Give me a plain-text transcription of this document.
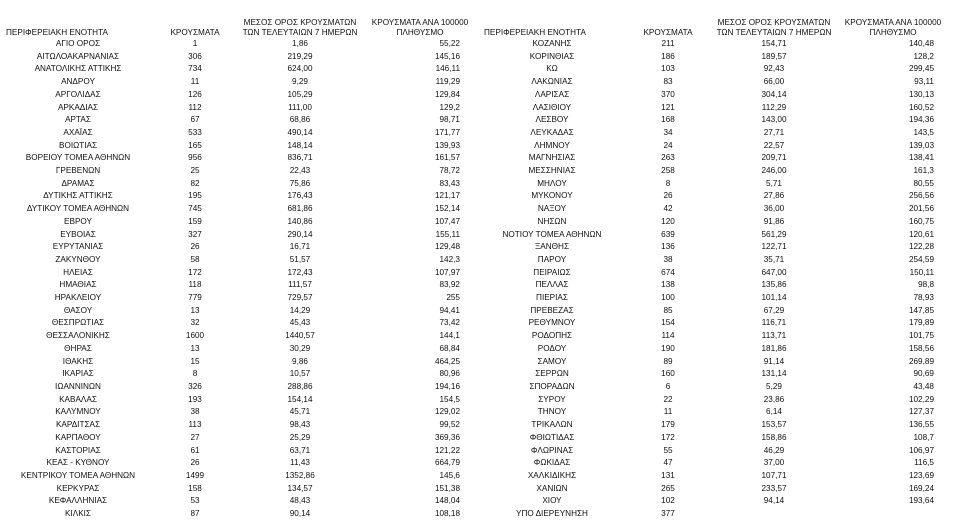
ΠΕΡΙΦΕΡΕΙΑΚΗ ΕΝΟΤΗΤΑ	ΚΡΟΥΣΜΑΤΑ	ΜΕΣΟΣ ΟΡΟΣ ΚΡΟΥΣΜΑΤΩΝ ΤΩΝ ΤΕΛΕΥΤΑΙΩΝ 7 ΗΜΕΡΩΝ	ΚΡΟΥΣΜΑΤΑ ΑΝΑ 100000 ΠΛΗΘΥΣΜΟ
ΑΓΙΟ ΟΡΟΣ	1	1,86	55,22
ΑΙΤΩΛΟΑΚΑΡΝΑΝΙΑΣ	306	219,29	145,16
ΑΝΑΤΟΛΙΚΗΣ ΑΤΤΙΚΗΣ	734	624,00	146,11
ΑΝΔΡΟΥ	11	9,29	119,29
ΑΡΓΟΛΙΔΑΣ	126	105,29	129,84
ΑΡΚΑΔΙΑΣ	112	111,00	129,2
ΑΡΤΑΣ	67	68,86	98,71
ΑΧΑΪΑΣ	533	490,14	171,77
ΒΟΙΩΤΙΑΣ	165	148,14	139,93
ΒΟΡΕΙΟΥ ΤΟΜΕΑ ΑΘΗΝΩΝ	956	836,71	161,57
ΓΡΕΒΕΝΩΝ	25	22,43	78,72
ΔΡΑΜΑΣ	82	75,86	83,43
ΔΥΤΙΚΗΣ ΑΤΤΙΚΗΣ	195	176,43	121,17
ΔΥΤΙΚΟΥ ΤΟΜΕΑ ΑΘΗΝΩΝ	745	681,86	152,14
ΕΒΡΟΥ	159	140,86	107,47
ΕΥΒΟΙΑΣ	327	290,14	155,11
ΕΥΡΥΤΑΝΙΑΣ	26	16,71	129,48
ΖΑΚΥΝΘΟΥ	58	51,57	142,3
ΗΛΕΙΑΣ	172	172,43	107,97
ΗΜΑΘΙΑΣ	118	111,57	83,92
ΗΡΑΚΛΕΙΟΥ	779	729,57	255
ΘΑΣΟΥ	13	14,29	94,41
ΘΕΣΠΡΩΤΙΑΣ	32	45,43	73,42
ΘΕΣΣΑΛΟΝΙΚΗΣ	1600	1440,57	144,1
ΘΗΡΑΣ	13	30,29	68,84
ΙΘΑΚΗΣ	15	9,86	464,25
ΙΚΑΡΙΑΣ	8	10,57	80,96
ΙΩΑΝΝΙΝΩΝ	326	288,86	194,16
ΚΑΒΑΛΑΣ	193	154,14	154,5
ΚΑΛΥΜΝΟΥ	38	45,71	129,02
ΚΑΡΔΙΤΣΑΣ	113	98,43	99,52
ΚΑΡΠΑΘΟΥ	27	25,29	369,36
ΚΑΣΤΟΡΙΑΣ	61	63,71	121,22
ΚΕΑΣ - ΚΥΘΝΟΥ	26	11,43	664,79
ΚΕΝΤΡΙΚΟΥ ΤΟΜΕΑ ΑΘΗΝΩΝ	1499	1352,86	145,6
ΚΕΡΚΥΡΑΣ	158	134,57	151,38
ΚΕΦΑΛΛΗΝΙΑΣ	53	48,43	148,04
ΚΙΛΚΙΣ	87	90,14	108,18
ΠΕΡΙΦΕΡΕΙΑΚΗ ΕΝΟΤΗΤΑ	ΚΡΟΥΣΜΑΤΑ	ΜΕΣΟΣ ΟΡΟΣ ΚΡΟΥΣΜΑΤΩΝ ΤΩΝ ΤΕΛΕΥΤΑΙΩΝ 7 ΗΜΕΡΩΝ	ΚΡΟΥΣΜΑΤΑ ΑΝΑ 100000 ΠΛΗΘΥΣΜΟ
ΚΟΖΑΝΗΣ	211	154,71	140,48
ΚΟΡΙΝΘΙΑΣ	186	189,57	128,2
ΚΩ	103	92,43	299,45
ΛΑΚΩΝΙΑΣ	83	66,00	93,11
ΛΑΡΙΣΑΣ	370	304,14	130,13
ΛΑΣΙΘΙΟΥ	121	112,29	160,52
ΛΕΣΒΟΥ	168	143,00	194,36
ΛΕΥΚΑΔΑΣ	34	27,71	143,5
ΛΗΜΝΟΥ	24	22,57	139,03
ΜΑΓΝΗΣΙΑΣ	263	209,71	138,41
ΜΕΣΣΗΝΙΑΣ	258	246,00	161,3
ΜΗΛΟΥ	8	5,71	80,55
ΜΥΚΟΝΟΥ	26	27,86	256,56
ΝΑΞΟΥ	42	36,00	201,56
ΝΗΣΩΝ	120	91,86	160,75
ΝΟΤΙΟΥ ΤΟΜΕΑ ΑΘΗΝΩΝ	639	561,29	120,61
ΞΑΝΘΗΣ	136	122,71	122,28
ΠΑΡΟΥ	38	35,71	254,59
ΠΕΙΡΑΙΩΣ	674	647,00	150,11
ΠΕΛΛΑΣ	138	135,86	98,8
ΠΙΕΡΙΑΣ	100	101,14	78,93
ΠΡΕΒΕΖΑΣ	85	67,29	147,85
ΡΕΘΥΜΝΟΥ	154	116,71	179,89
ΡΟΔΟΠΗΣ	114	113,71	101,75
ΡΟΔΟΥ	190	181,86	158,56
ΣΑΜΟΥ	89	91,14	269,89
ΣΕΡΡΩΝ	160	131,14	90,69
ΣΠΟΡΑΔΩΝ	6	5,29	43,48
ΣΥΡΟΥ	22	23,86	102,29
ΤΗΝΟΥ	11	6,14	127,37
ΤΡΙΚΑΛΩΝ	179	153,57	136,55
ΦΘΙΩΤΙΔΑΣ	172	158,86	108,7
ΦΛΩΡΙΝΑΣ	55	46,29	106,97
ΦΩΚΙΔΑΣ	47	37,00	116,5
ΧΑΛΚΙΔΙΚΗΣ	131	107,71	123,69
ΧΑΝΙΩΝ	265	233,57	169,24
ΧΙΟΥ	102	94,14	193,64
ΥΠΟ ΔΙΕΡΕΥΝΗΣΗ	377		
